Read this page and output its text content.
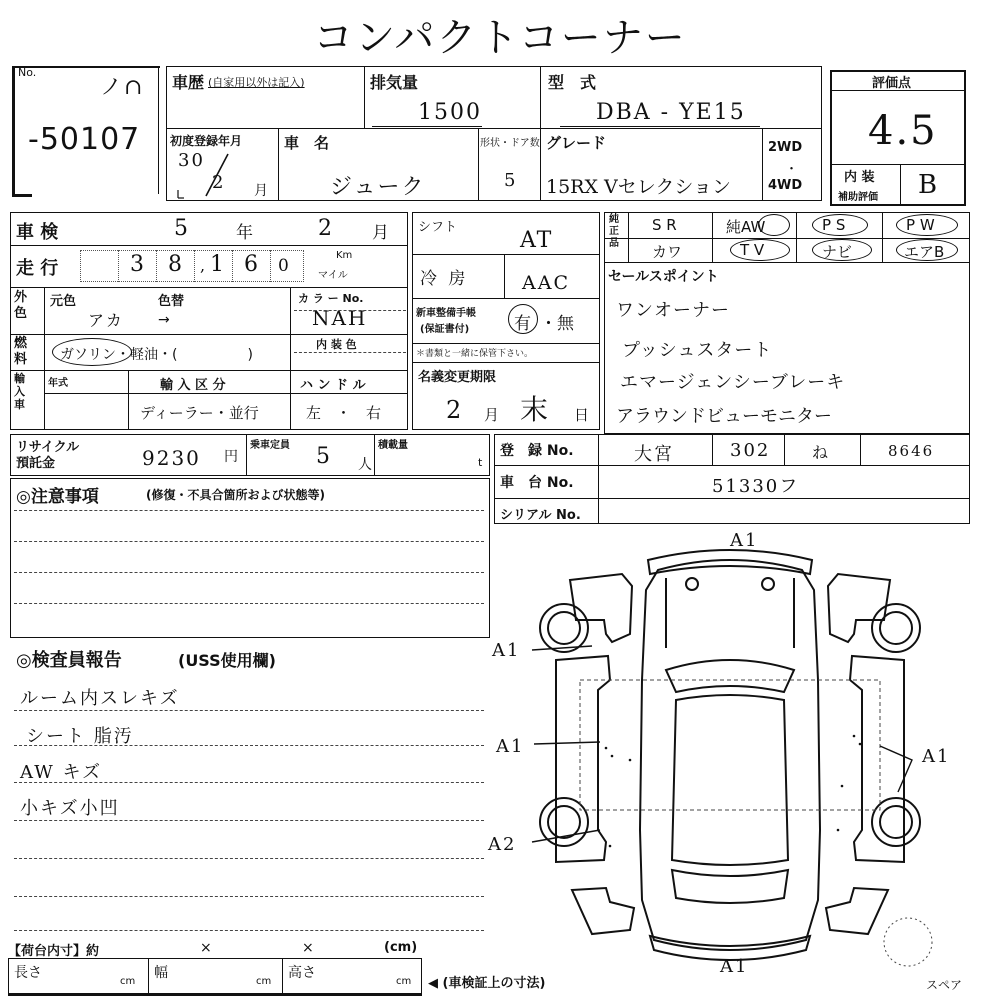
コンパクトコーナー
No.
ノ∩
-50107
車歴 (自家用以外は記入)	排気量
1500
型　式
DBA - YE15
初度登録年月
30
2 月
車　名
ジューク
形状・ドア数
5
グレード
15RX Vセレクション
2WD
・
4WD
評価点
4.5
内 装
補助評価 B
車 検	5	年	2 月
走 行	3 8 , 1 6 0
Km
マイル
外色
元色	色替
アカ →
カ ラ ー No.
NAH
燃料	ガソリン・軽油・(　　　　　)
内 装 色
輸入車
年式	輸 入 区 分
ディーラー・並行
ハ ン ド ル
左　・　右
シフト
AT
冷 房	AAC
新車整備手帳
(保証書付)	有 ・無
＊書類と一緒に保管下さい。
名義変更期限
2 月 末 日
純正品
S R	純AW	P S	P W
カワ	T V	ナビ	エアB
セールスポイント
ワンオーナー
プッシュスタート
エマージェンシーブレーキ
アラウンドビューモニター
リサイクル
預託金	9230 円
乗車定員 5 人
積載量
t
登　録 No.	大宮	302	ね	8646
車　台 No.	51330フ
シリアル No.
◎注意事項	(修復・不具合箇所および状態等)
◎検査員報告	(USS使用欄)
ルーム内スレキズ
シート 脂汚
AW キズ
小キズ小凹
【荷台内寸】約	×	×	(cm)
長さ
cm
幅
cm
高さ
cm ◀ (車検証上の寸法)
A1
A1
A1	A1
A2
A1
スペア
